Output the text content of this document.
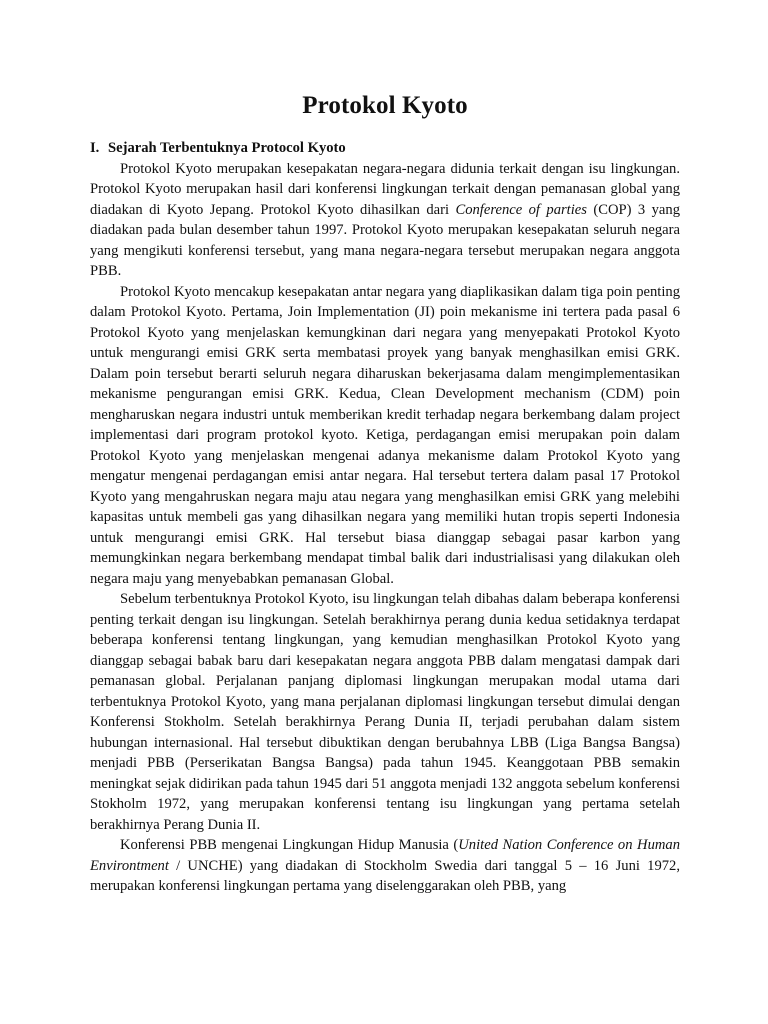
Protokol Kyoto
I. Sejarah Terbentuknya Protocol Kyoto

Protokol Kyoto merupakan kesepakatan negara-negara didunia terkait dengan isu lingkungan. Protokol Kyoto merupakan hasil dari konferensi lingkungan terkait dengan pemanasan global yang diadakan di Kyoto Jepang. Protokol Kyoto dihasilkan dari Conference of parties (COP) 3 yang diadakan pada bulan desember tahun 1997. Protokol Kyoto merupakan kesepakatan seluruh negara yang mengikuti konferensi tersebut, yang mana negara-negara tersebut merupakan negara anggota PBB.

Protokol Kyoto mencakup kesepakatan antar negara yang diaplikasikan dalam tiga poin penting dalam Protokol Kyoto. Pertama, Join Implementation (JI) poin mekanisme ini tertera pada pasal 6 Protokol Kyoto yang menjelaskan kemungkinan dari negara yang menyepakati Protokol Kyoto untuk mengurangi emisi GRK serta membatasi proyek yang banyak menghasilkan emisi GRK. Dalam poin tersebut berarti seluruh negara diharuskan bekerjasama dalam mengimplementasikan mekanisme pengurangan emisi GRK. Kedua, Clean Development mechanism (CDM) poin mengharuskan negara industri untuk memberikan kredit terhadap negara berkembang dalam project implementasi dari program protokol kyoto. Ketiga, perdagangan emisi merupakan poin dalam Protokol Kyoto yang menjelaskan mengenai adanya mekanisme dalam Protokol Kyoto yang mengatur mengenai perdagangan emisi antar negara. Hal tersebut tertera dalam pasal 17 Protokol Kyoto yang mengahruskan negara maju atau negara yang menghasilkan emisi GRK yang melebihi kapasitas untuk membeli gas yang dihasilkan negara yang memiliki hutan tropis seperti Indonesia untuk mengurangi emisi GRK. Hal tersebut biasa dianggap sebagai pasar karbon yang memungkinkan negara berkembang mendapat timbal balik dari industrialisasi yang dilakukan oleh negara maju yang menyebabkan pemanasan Global.

Sebelum terbentuknya Protokol Kyoto, isu lingkungan telah dibahas dalam beberapa konferensi penting terkait dengan isu lingkungan. Setelah berakhirnya perang dunia kedua setidaknya terdapat beberapa konferensi tentang lingkungan, yang kemudian menghasilkan Protokol Kyoto yang dianggap sebagai babak baru dari kesepakatan negara anggota PBB dalam mengatasi dampak dari pemanasan global. Perjalanan panjang diplomasi lingkungan merupakan modal utama dari terbentuknya Protokol Kyoto, yang mana perjalanan diplomasi lingkungan tersebut dimulai dengan Konferensi Stokholm. Setelah berakhirnya Perang Dunia II, terjadi perubahan dalam sistem hubungan internasional. Hal tersebut dibuktikan dengan berubahnya LBB (Liga Bangsa Bangsa) menjadi PBB (Perserikatan Bangsa Bangsa) pada tahun 1945. Keanggotaan PBB semakin meningkat sejak didirikan pada tahun 1945 dari 51 anggota menjadi 132 anggota sebelum konferensi Stokholm 1972, yang merupakan konferensi tentang isu lingkungan yang pertama setelah berakhirnya Perang Dunia II.

Konferensi PBB mengenai Lingkungan Hidup Manusia (United Nation Conference on Human Environtment / UNCHE) yang diadakan di Stockholm Swedia dari tanggal 5 – 16 Juni 1972, merupakan konferensi lingkungan pertama yang diselenggarakan oleh PBB, yang
